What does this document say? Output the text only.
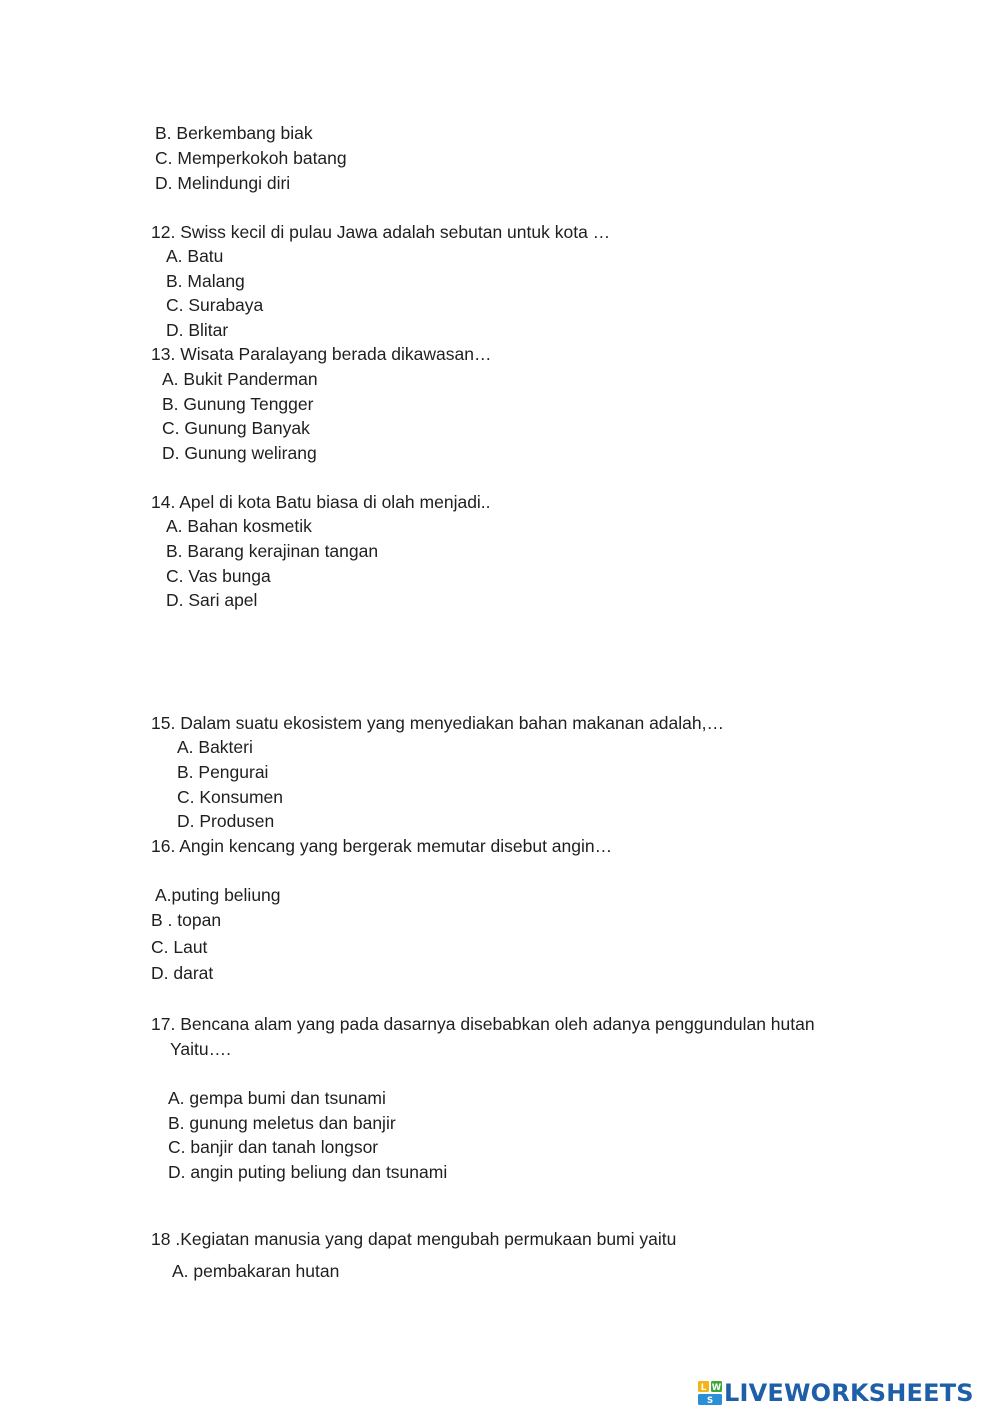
B. Berkembang biak
C. Memperkokoh batang
D. Melindungi diri
12. Swiss kecil di pulau Jawa adalah sebutan untuk kota …
A. Batu
B. Malang
C. Surabaya
D. Blitar
13. Wisata Paralayang berada dikawasan…
A. Bukit Panderman
B. Gunung Tengger
C. Gunung Banyak
D. Gunung welirang
14. Apel di kota Batu biasa di olah menjadi..
A. Bahan kosmetik
B. Barang kerajinan tangan
C. Vas bunga
D. Sari apel
15. Dalam suatu ekosistem yang menyediakan bahan makanan adalah,…
A. Bakteri
B. Pengurai
C. Konsumen
D. Produsen
16. Angin kencang yang bergerak memutar disebut angin…
A.puting beliung
B . topan
C. Laut
D. darat
17. Bencana alam yang pada dasarnya disebabkan oleh adanya penggundulan hutan
Yaitu….
A. gempa bumi dan tsunami
B. gunung meletus dan banjir
C. banjir dan tanah longsor
D. angin puting beliung dan tsunami
18 .Kegiatan manusia yang dapat mengubah permukaan bumi yaitu
A. pembakaran hutan
L W
S LIVEWORKSHEETS
